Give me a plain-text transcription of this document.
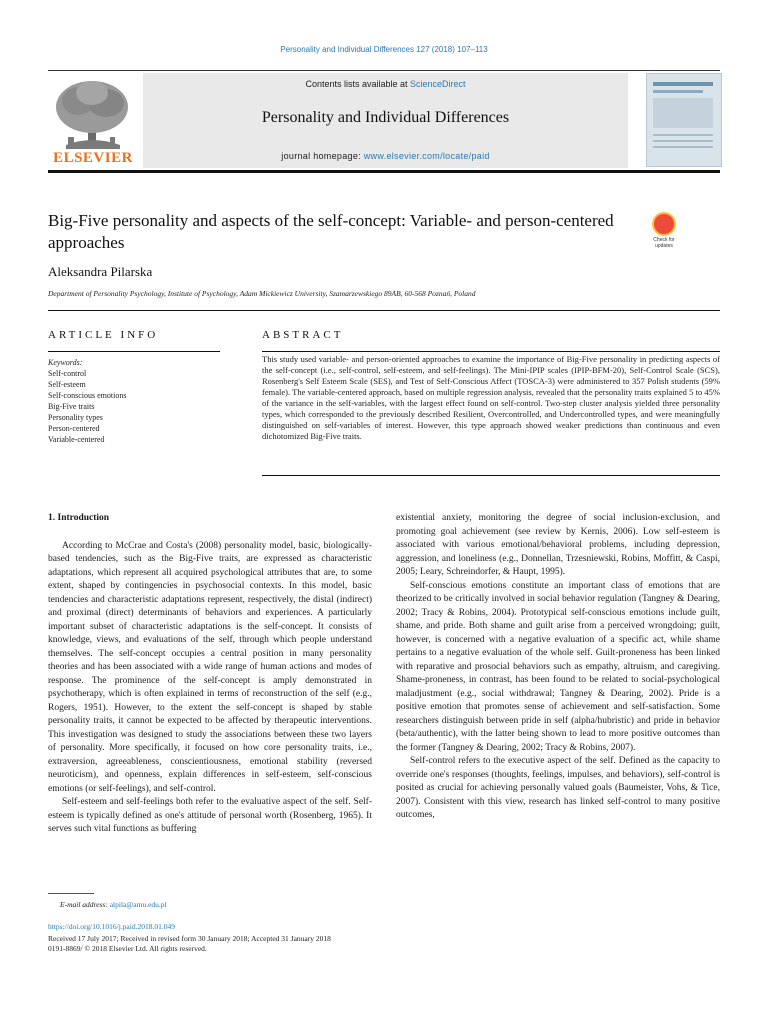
Personality and Individual Differences 127 (2018) 107–113
ELSEVIER
Contents lists available at ScienceDirect
Personality and Individual Differences
journal homepage: www.elsevier.com/locate/paid
Big-Five personality and aspects of the self-concept: Variable- and person-centered approaches	Check for updates
Aleksandra Pilarska
Department of Personality Psychology, Institute of Psychology, Adam Mickiewicz University, Szamarzewskiego 89AB, 60-568 Poznań, Poland
ARTICLE INFO
Keywords:
Self-control
Self-esteem
Self-conscious emotions
Big-Five traits
Personality types
Person-centered
Variable-centered
ABSTRACT
This study used variable- and person-oriented approaches to examine the importance of Big-Five personality in predicting aspects of the self-concept (i.e., self-control, self-esteem, and self-feelings). The Mini-IPIP scales (IPIP-BFM-20), Self-Control Scale (SCS), Rosenberg's Self Esteem Scale (SES), and Test of Self-Conscious Affect (TOSCA-3) were administered to 357 Polish students (59% female). The variable-centered approach, based on multiple regression analysis, revealed that the personality traits explained 5 to 45% of the variance in the self-variables, with the largest effect found on self-control. Two-step cluster analysis yielded three personality types, which corresponded to the previously described Resilient, Overcontrolled, and Undercontrolled types, and were meaningfully distinguished on self-variables of interest. However, this type approach showed weaker predictions than continuous and even dichotomized Big-Five traits.
1. Introduction

According to McCrae and Costa's (2008) personality model, basic, biologically-based tendencies, such as the Big-Five traits, are expressed as characteristic adaptations, which represent all acquired psychological attributes that are, to some extent, shaped by contingencies in psychosocial contexts. In this model, basic tendencies and characteristic adaptations represent, respectively, the distal (indirect) and proximal (direct) determinants of behaviors and experiences. A particularly important subset of characteristic adaptations is the self-concept. It consists of knowledge, views, and evaluations of the self, through which people understand themselves. The self-concept occupies a central position in many personality theories and has been associated with a wide range of human actions and modes of response. The prominence of the self-concept is amply demonstrated in psychotherapy, which is often explained in terms of reconstruction of the self (e.g., Rogers, 1951). However, to the extent the self-concept is shaped by stable personality traits, it cannot be expected to be affected by therapeutic interventions. This investigation was designed to study the associations between these two layers of personality. More specifically, it focused on how core personality traits, i.e., extraversion, agreeableness, conscientiousness, emotional stability (reversed neuroticism), and openness, explain differences in self-esteem, self-conscious emotions (or self-feelings), and self-control.

Self-esteem and self-feelings both refer to the evaluative aspect of the self. Self-esteem is typically defined as one's attitude of personal worth (Rosenberg, 1965). It serves such vital functions as buffering

existential anxiety, monitoring the degree of social inclusion-exclusion, and promoting goal achievement (see review by Kernis, 2006). Low self-esteem is associated with various emotional/behavioral problems, including depression, aggression, and loneliness (e.g., Donnellan, Trzesniewski, Robins, Moffitt, & Caspi, 2005; Leary, Schreindorfer, & Haupt, 1995).

Self-conscious emotions constitute an important class of emotions that are theorized to be critically involved in social behavior regulation (Tangney & Dearing, 2002; Tracy & Robins, 2004). Prototypical self-conscious emotions include guilt, shame, and pride. Both shame and guilt arise from a perceived wrongdoing; guilt, however, is concerned with a negative evaluation of a specific act, while shame pertains to a negative evaluation of the whole self. Guilt-proneness has been linked with reparative and prosocial behaviors such as empathy, altruism, and caregiving. Shame-proneness, in contrast, has been found to be related to social-psychological maladjustment (e.g., social withdrawal; Tangney & Dearing, 2002). Pride is a positive emotion that promotes sense of achievement and self-satisfaction. Some researchers distinguish between pride in self (alpha/hubristic) and pride in behavior (beta/authentic), with the latter being shown to lead to more positive outcomes than the former (Tangney & Dearing, 2002; Tracy & Robins, 2007).

Self-control refers to the executive aspect of the self. Defined as the capacity to override one's responses (thoughts, feelings, impulses, and behaviors), self-control is posited as crucial for achieving personally valued goals (Baumeister, Vohs, & Tice, 2007). Consistent with this view, research has linked self-control to many positive outcomes,

E-mail address: alpila@amu.edu.pl
https://doi.org/10.1016/j.paid.2018.01.049
Received 17 July 2017; Received in revised form 30 January 2018; Accepted 31 January 2018
0191-8869/ © 2018 Elsevier Ltd. All rights reserved.
